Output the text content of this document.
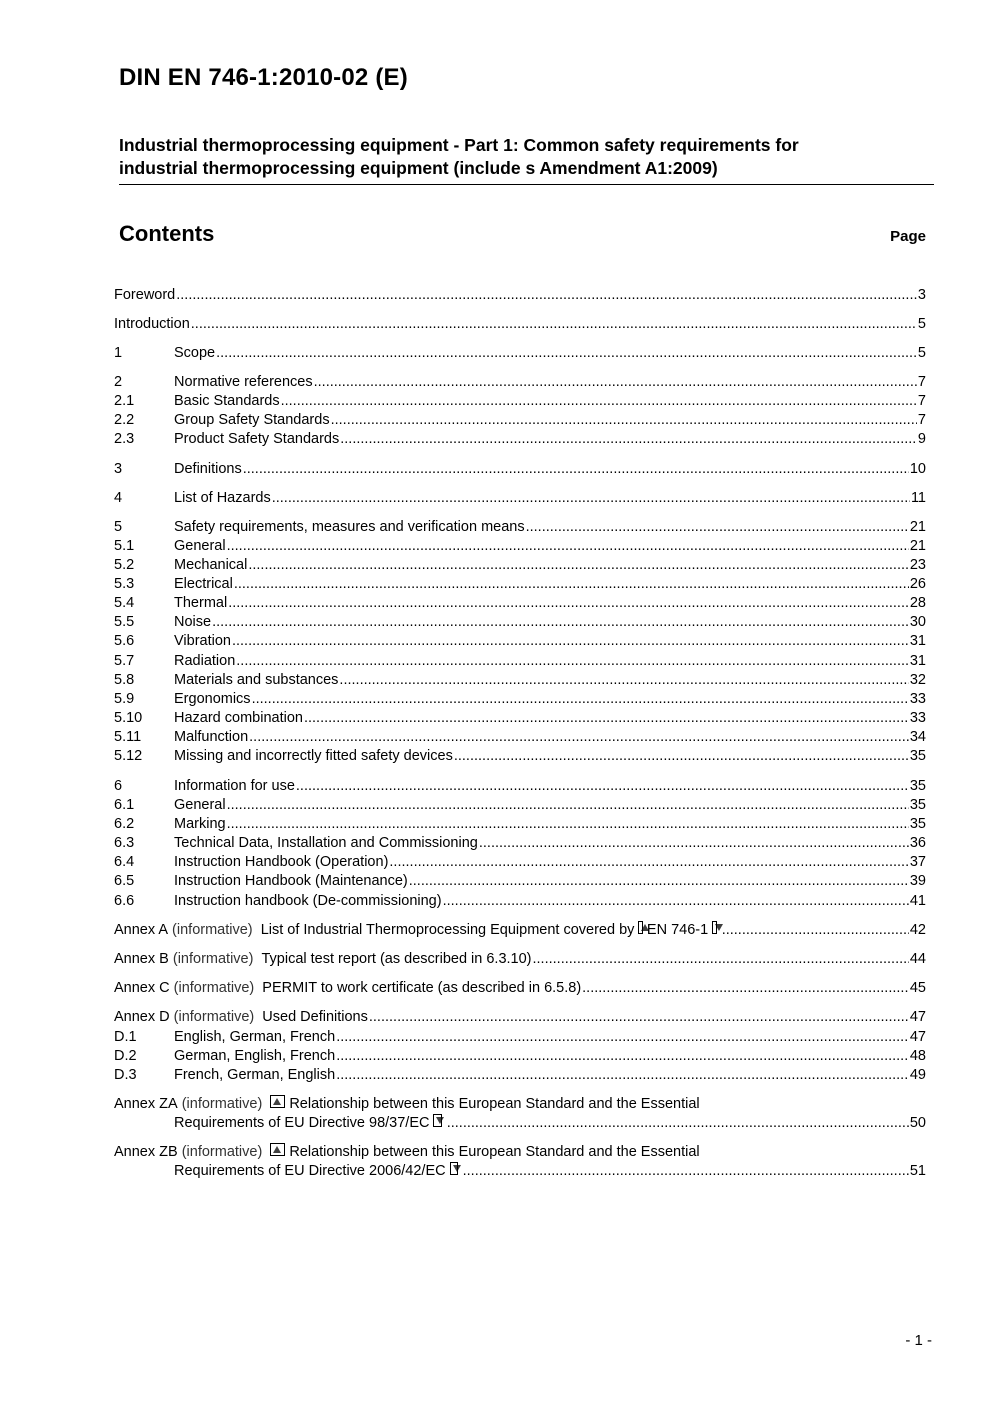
DIN EN 746-1:2010-02 (E)
Industrial thermoprocessing equipment - Part 1: Common safety requirements for
industrial thermoprocessing equipment (include s Amendment A1:2009)
Contents	Page
Foreword .....	3
Introduction .....	5
1	Scope .....	5
2	Normative references .....	7
2.1	Basic Standards .....	7
2.2	Group Safety Standards .....	7
2.3	Product Safety Standards .....	9
3	Definitions .....	10
4	List of Hazards .....	11
5	Safety requirements, measures and verification means .....	21
5.1	General .....	21
5.2	Mechanical .....	23
5.3	Electrical .....	26
5.4	Thermal .....	28
5.5	Noise .....	30
5.6	Vibration .....	31
5.7	Radiation .....	31
5.8	Materials and substances .....	32
5.9	Ergonomics .....	33
5.10	Hazard combination .....	33
5.11	Malfunction .....	34
5.12	Missing and incorrectly fitted safety devices .....	35
6	Information for use .....	35
6.1	General .....	35
6.2	Marking .....	35
6.3	Technical Data, Installation and Commissioning .....	36
6.4	Instruction Handbook (Operation) .....	37
6.5	Instruction Handbook (Maintenance) .....	39
6.6	Instruction handbook (De-commissioning) .....	41
Annex A
(informative)
List of Industrial Thermoprocessing Equipment covered by EN 746-1 .....	42
Annex B
(informative)
Typical test report (as described in 6.3.10) .....	44
Annex C
(informative)
PERMIT to work certificate (as described in 6.5.8) .....	45
Annex D
(informative)
Used Definitions .....	47
D.1	English, German, French .....	47
D.2	German, English, French .....	48
D.3	French, German, English .....	49
Annex ZA
(informative)
Relationship between this European Standard and the Essential
Requirements of EU Directive 98/37/EC .....	50
Annex ZB
(informative)
Relationship between this European Standard and the Essential
Requirements of EU Directive 2006/42/EC .....	51
- 1 -
